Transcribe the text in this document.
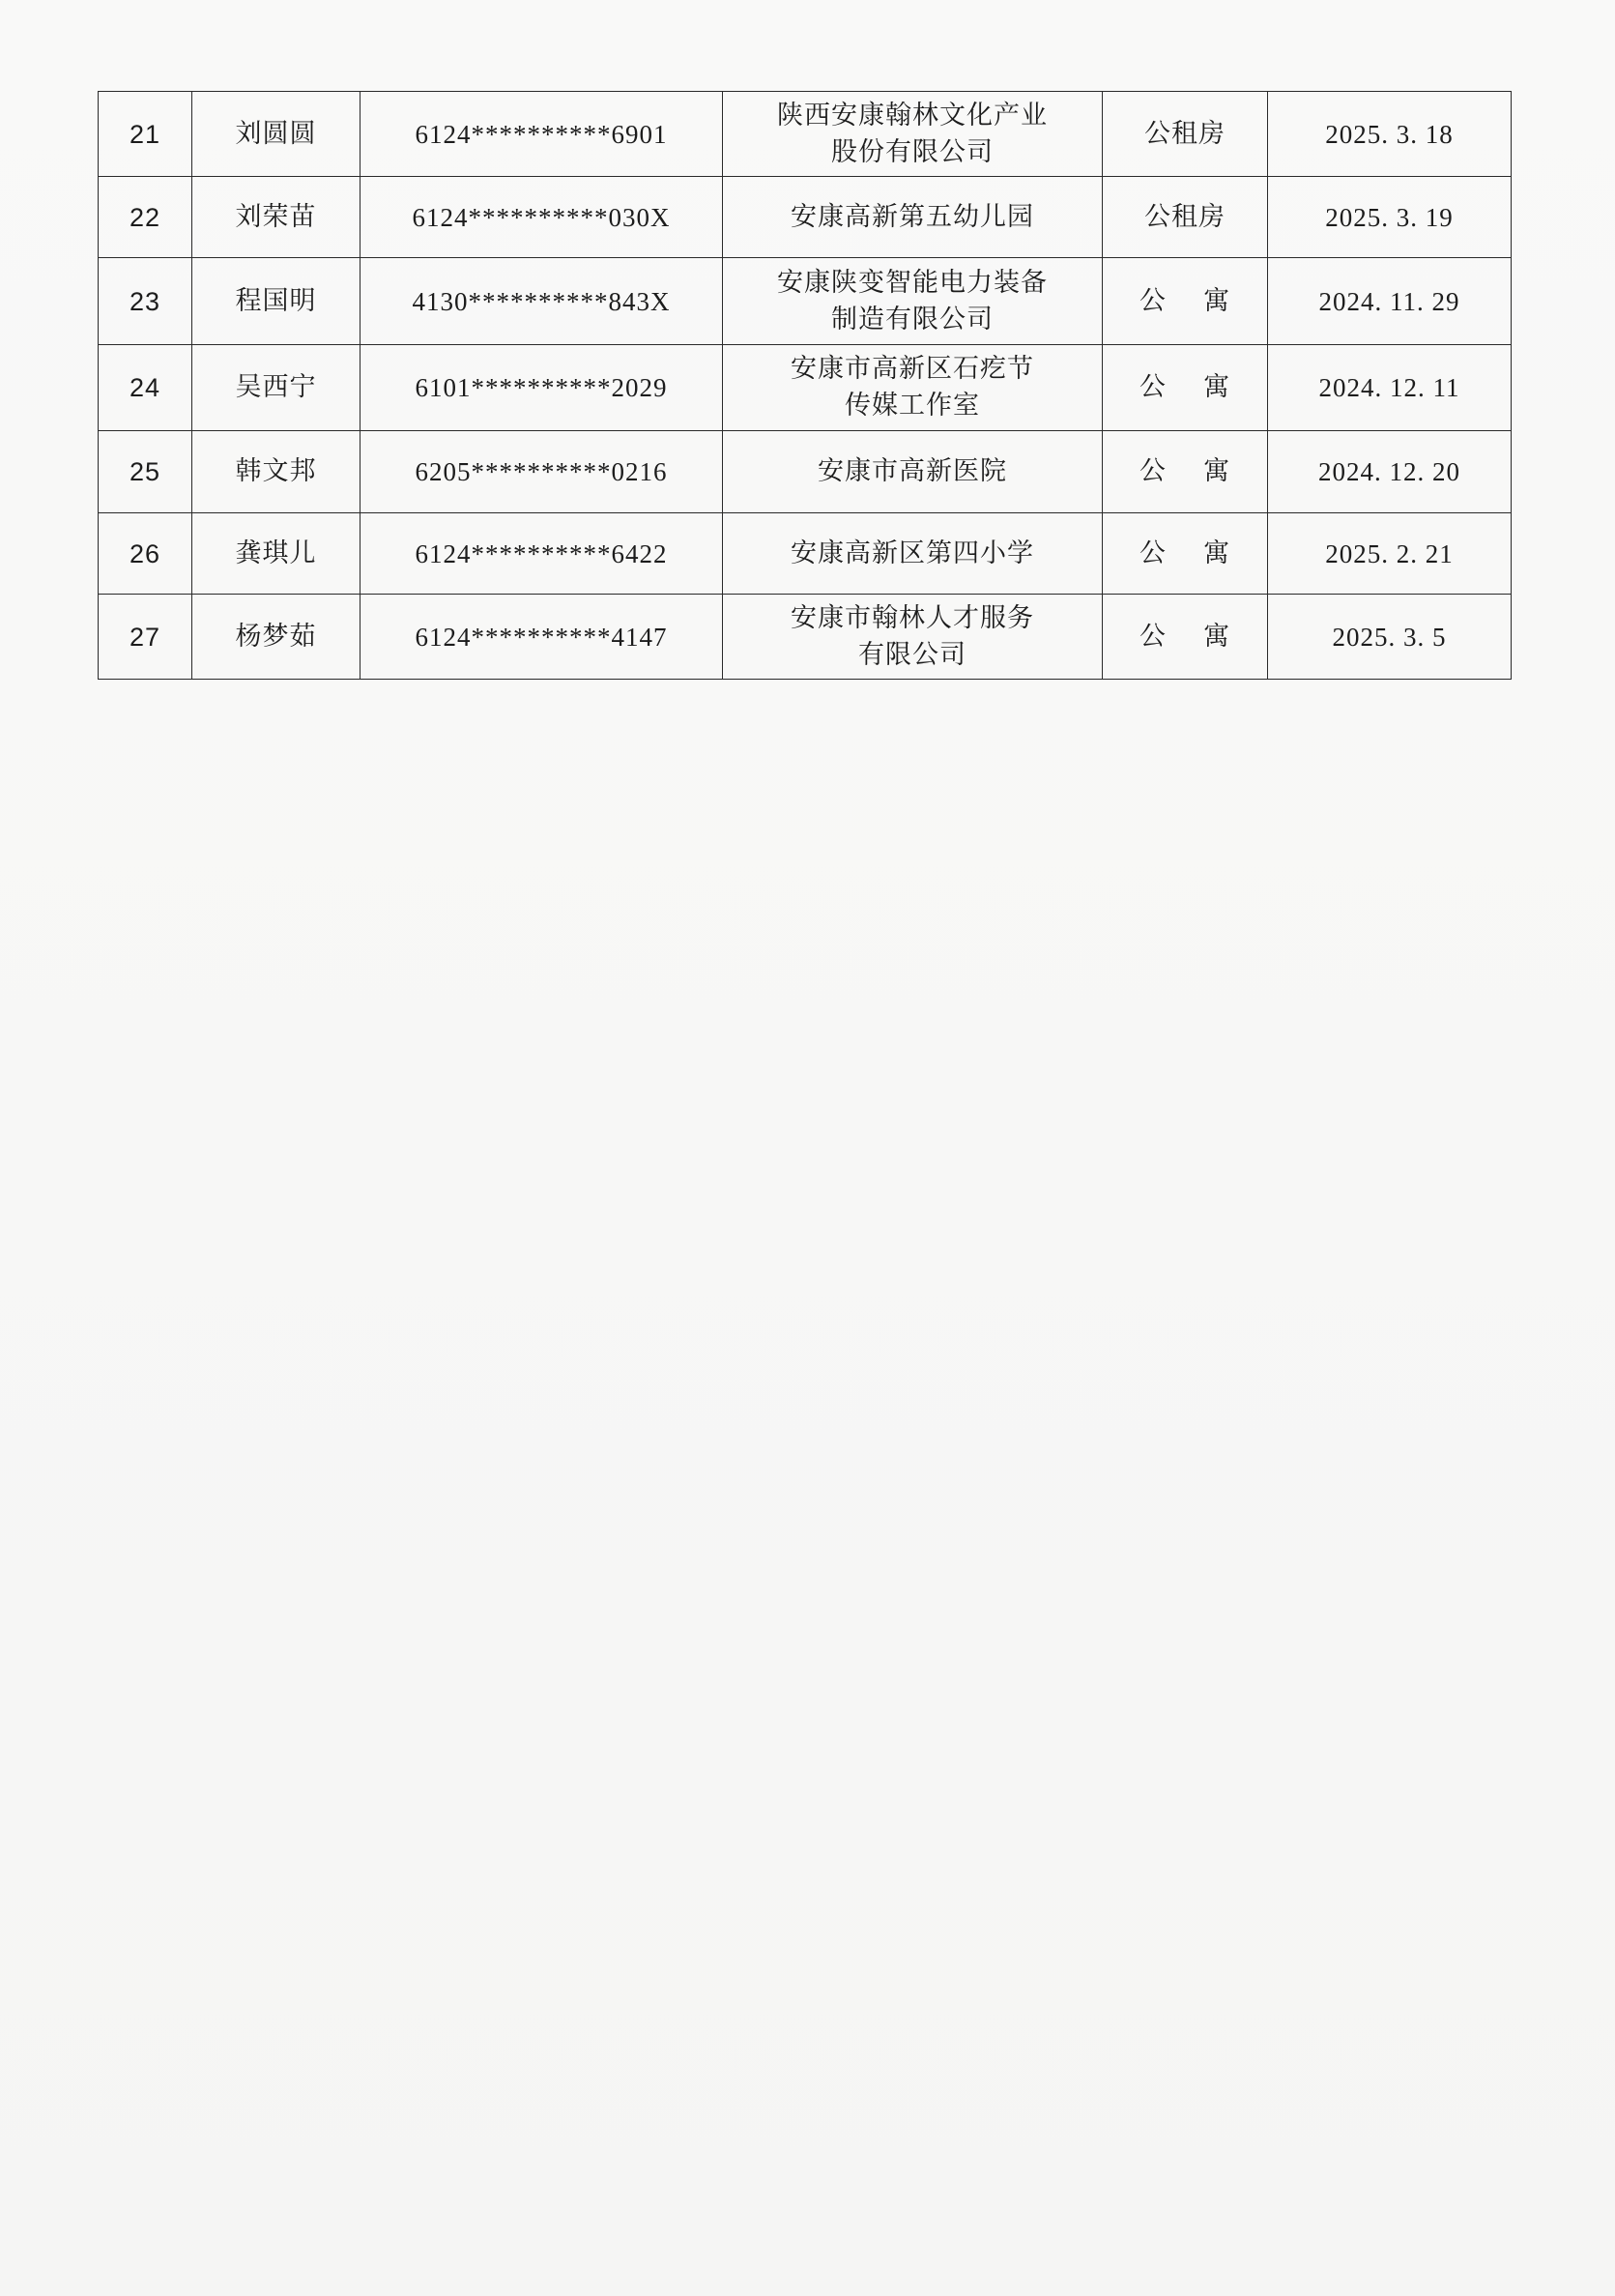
21	刘圆圆	6124**********6901	陕西安康翰林文化产业
股份有限公司	公租房	2025. 3. 18
22	刘荣苗	6124**********030X	安康高新第五幼儿园	公租房	2025. 3. 19
23	程国明	4130**********843X	安康陕变智能电力装备
制造有限公司	公    寓	2024. 11. 29
24	吴西宁	6101**********2029	安康市高新区石疙节
传媒工作室	公    寓	2024. 12. 11
25	韩文邦	6205**********0216	安康市高新医院	公    寓	2024. 12. 20
26	龚琪儿	6124**********6422	安康高新区第四小学	公    寓	2025. 2. 21
27	杨梦茹	6124**********4147	安康市翰林人才服务
有限公司	公    寓	2025. 3. 5
